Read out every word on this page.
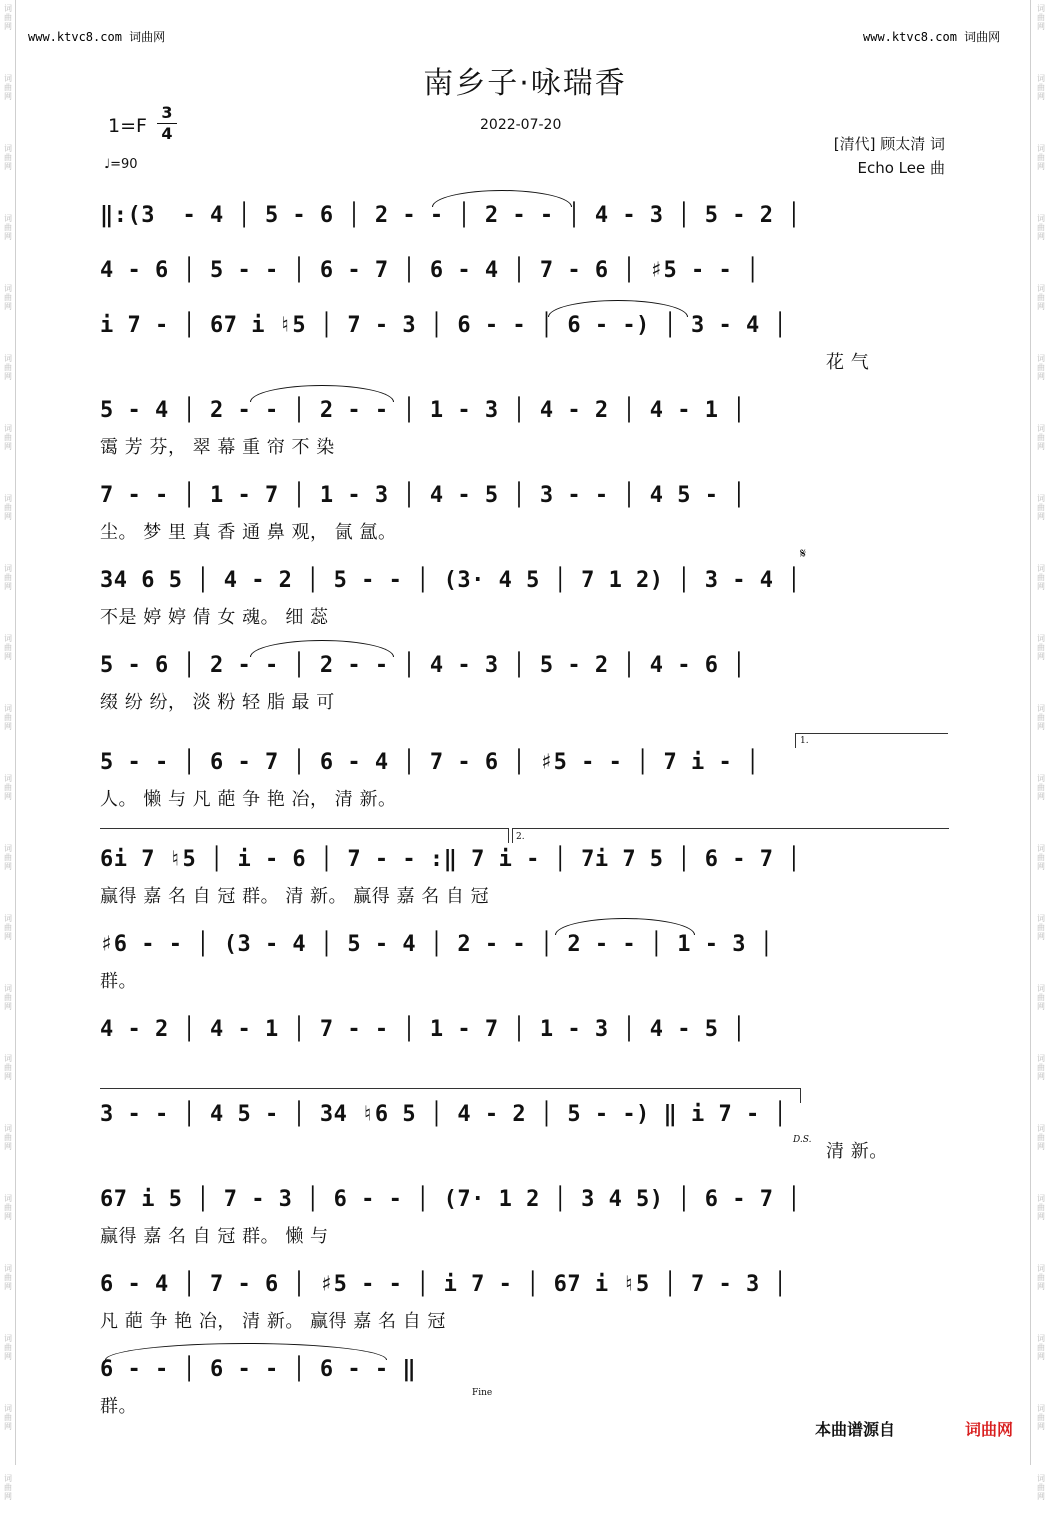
词
曲
网
词
曲
网
词
曲
网
词
曲
网
词
曲
网
词
曲
网
词
曲
网
词
曲
网
词
曲
网
词
曲
网
词
曲
网
词
曲
网
词
曲
网
词
曲
网
词
曲
网
词
曲
网
词
曲
网
词
曲
网
词
曲
网
词
曲
网
词
曲
网
词
曲
网
词
曲
网
词
曲
网
词
曲
网
词
曲
网
词
曲
网
词
曲
网
词
曲
网
词
曲
网
词
曲
网
词
曲
网
词
曲
网
词
曲
网
词
曲
网
词
曲
网
词
曲
网
词
曲
网
词
曲
网
词
曲
网
词
曲
网
词
曲
网
词
曲
网
词
曲
网
www.ktvc8.com 词曲网	www.ktvc8.com 词曲网
南乡子·咏瑞香
1=F
3
4
♩=90
2022-07-20
[清代] 顾太清 词
Echo Lee 曲
‖:(3  - 4 │ 5 - 6 │ 2 - - │ 2 - - │ 4 - 3 │ 5 - 2 │
4 - 6 │ 5 - - │ 6 - 7 │ 6 - 4 │ 7 - 6 │ ♯5 - - │
i 7 - │ 67 i ♮5 │ 7 - 3 │ 6 - - │ 6 - -) │ 3 - 4 │
花 气
5 - 4 │ 2 - - │ 2 - - │ 1 - 3 │ 4 - 2 │ 4 - 1 │
霭 芳 芬， 翠 幕 重 帘 不 染
7 - - │ 1 - 7 │ 1 - 3 │ 4 - 5 │ 3 - - │ 4 5 - │
尘。 梦 里 真 香 通 鼻 观， 氤 氲。
𝄋
34 6 5 │ 4 - 2 │ 5 - - │ (3· 4 5 │ 7 1 2) │ 3 - 4 │
不是 婷 婷 倩 女 魂。 细 蕊
5 - 6 │ 2 - - │ 2 - - │ 4 - 3 │ 5 - 2 │ 4 - 6 │
缀 纷 纷， 淡 粉 轻 脂 最 可
1.
5 - - │ 6 - 7 │ 6 - 4 │ 7 - 6 │ ♯5 - - │ 7 i - │
人。 懒 与 凡 葩 争 艳 冶， 清 新。
2.
6i 7 ♮5 │ i - 6 │ 7 - - :‖ 7 i - │ 7i 7 5 │ 6 - 7 │
赢得 嘉 名 自 冠 群。 清 新。 赢得 嘉 名 自 冠
♯6 - - │ (3 - 4 │ 5 - 4 │ 2 - - │ 2 - - │ 1 - 3 │
群。
4 - 2 │ 4 - 1 │ 7 - - │ 1 - 7 │ 1 - 3 │ 4 - 5 │
3 - - │ 4 5 - │ 34 ♮6 5 │ 4 - 2 │ 5 - -) ‖ i 7 - │
D.S.
清 新。
67 i 5 │ 7 - 3 │ 6 - - │ (7· 1 2 │ 3 4 5) │ 6 - 7 │
赢得 嘉 名 自 冠 群。 懒 与
6 - 4 │ 7 - 6 │ ♯5 - - │ i 7 - │ 67 i ♮5 │ 7 - 3 │
凡 葩 争 艳 冶， 清 新。 赢得 嘉 名 自 冠
6 - - │ 6 - - │ 6 - - ‖
Fine
群。
本曲谱源自	词曲网
